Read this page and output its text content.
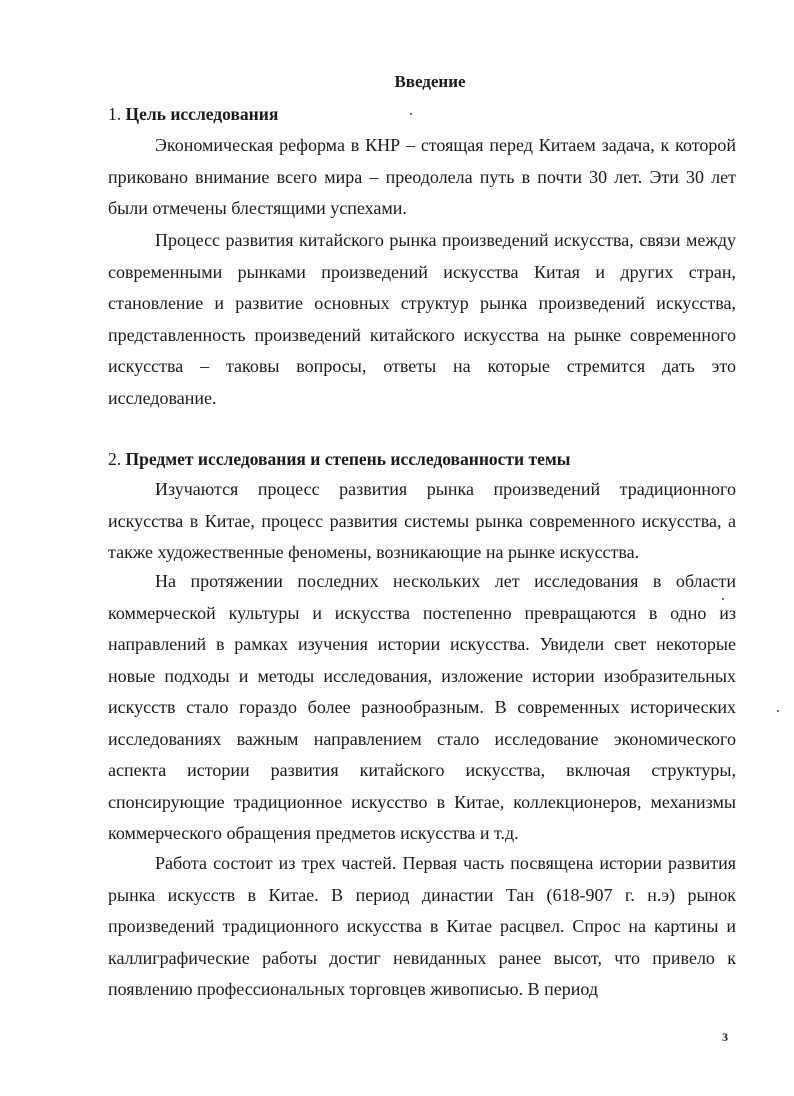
Введение
1. Цель исследования

Экономическая реформа в КНР – стоящая перед Китаем задача, к которой приковано внимание всего мира – преодолела путь в почти 30 лет. Эти 30 лет были отмечены блестящими успехами.

Процесс развития китайского рынка произведений искусства, связи между современными рынками произведений искусства Китая и других стран, становление и развитие основных структур рынка произведений искусства, представленность произведений китайского искусства на рынке современного искусства – таковы вопросы, ответы на которые стремится дать это исследование.

2. Предмет исследования и степень исследованности темы

Изучаются процесс развития рынка произведений традиционного искусства в Китае, процесс развития системы рынка современного искусства, а также художественные феномены, возникающие на рынке искусства.

На протяжении последних нескольких лет исследования в области коммерческой культуры и искусства постепенно превращаются в одно из направлений в рамках изучения истории искусства. Увидели свет некоторые новые подходы и методы исследования, изложение истории изобразительных искусств стало гораздо более разнообразным. В современных исторических исследованиях важным направлением стало исследование экономического аспекта истории развития китайского искусства, включая структуры, спонсирующие традиционное искусство в Китае, коллекционеров, механизмы коммерческого обращения предметов искусства и т.д.

Работа состоит из трех частей. Первая часть посвящена истории развития рынка искусств в Китае. В период династии Тан (618-907 г. н.э) рынок произведений традиционного искусства в Китае расцвел. Спрос на картины и каллиграфические работы достиг невиданных ранее высот, что привело к появлению профессиональных торговцев живописью. В период

3
